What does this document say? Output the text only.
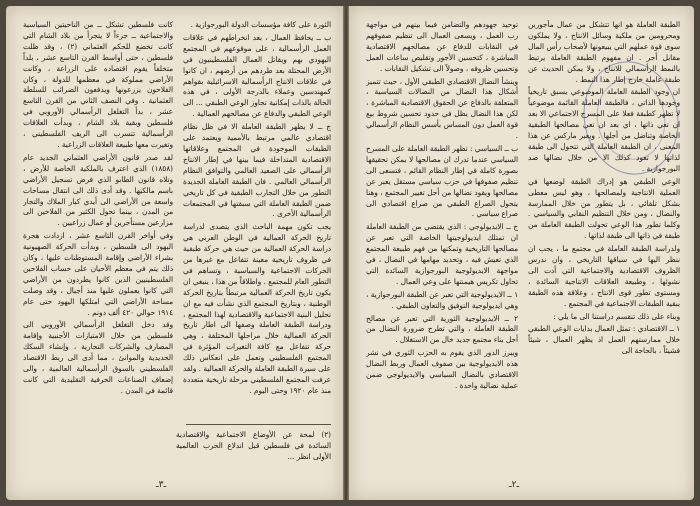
الثورة على كافة مؤسسات الدولة البورجوازية .

ب ــ يحافظ العمال ، بعد انخراطهم في علاقات العمل الرأسمالية ، على موقوعهم في المجتمع اليهودي بهم ويقاتل العمال الفلسطينيون في الأرض المحتلة بعد طردهم من أرضهم ، ان كانوا في علاقات الانتاج الرأسمالية الاسرائيلية بقواهم كمهندسين وعملاء بالدرجة الأولى ، في هذه الحالة بالذات إمكانية تجاوز الوعي الطبقي ... الى الوعي الطبقي والدفاع عن مصالحهم العمالية .

ج ــ لا يظهر الطبقة العاملة الا في ظل نظام اقتصادي عالمي مرتبط بالأممية ويعتمد على الطبقات الموجودة في المجتمع وعلاقاتها الاقتصادية المتداخلة فيما بينها في إطار الانتاج الرأسمالي على الصعيد العالمي والتوافق النظام الرأسمالي العالمي . فان الطبقة العاملة الجديدة التطور من خلال التجارب الطبقية في كل تاريخي ضمن الطبقة العاملة التي سبقتها في المجتمعات الرأسمالية الأخرى .

يجب تكون مهمة الباحث الذي يتصدى لدراسة تاريخ الحركة العمالية في الوطن العربي هي دراسة الحركة العمالية من حيث هي حركة طبقية في ظروف تاريخية معينة تتفاعل مع غيرها من الحركات الاجتماعية والسياسية ، وتساهم في التطور العام للمجتمع . واطلاقاً من هذا ، ينبغي ان يكون تاريخ الحركة العمالية مرتبطاً بتاريخ الحركة الوطنية ، وبتاريخ المجتمع الذي نشأت فيه مع ان تحليل البنية الاجتماعية والاقتصادية لهذا المجتمع ، ودراسة الطبقة العاملة وصفها الى اطار تاريخ الحركة العمالية خلال مراحلها المختلفة ، وهي حركة تتفاعل مع كافة التغيرات المؤثرة في المجتمع الفلسطيني وتعمل على انعكاس ذلك على سيرة الطبقة العاملة والحركة العمالية . ولقد عرفت المجتمع الفلسطيني مرحلة تاريخية متعددة منذ عام ١٩٢٠ وحتى اليوم .

كانت فلسطين تشكل ــ من الناحيتين السياسية والاجتماعية ــ جزءاً لا يتجزأ من بلاد الشام التي كانت تخضع للحكم العثماني (٢) ، وقد ظلت فلسطين ، حتى أواسط القرن التاسع عشر ، بلداً متخلفاً يقوم اقتصاده على الزراعة ، وكانت الأراضي مملوكة في معظمها للدولة ، وكان الفلاحون يزرعونها ويدفعون الضرائب للسلطة العثمانية . وفي النصف الثاني من القرن التاسع عشر ، بدأ التغلغل الرأسمالي الأوروبي في فلسطين وبقية بلاد الشام ، وبدأت العلاقات الرأسمالية تتسرب الى الريف الفلسطيني ، وتغيرت معها طبيعة العلاقات الزراعية .

لقد صدر قانون الأراضي العثماني الجديد عام (١٨٥٨) الذي اعترف بالملكية الخاصة للأرض ، وتلاه قانون الطابو الذي فرض تسجيل الأراضي باسم مالكيها . وقد أدى ذلك الى انتقال مساحات واسعة من الأراضي الى أيدي كبار الملاك والتجار من المدن ، بينما تحول الكثير من الفلاحين الى مزارعين مستأجرين أو عمال زراعيين .

وفي أواخر القرن التاسع عشر ، ازدادت هجرة اليهود الى فلسطين ، وبدأت الحركة الصهيونية بشراء الأراضي وإقامة المستوطنات عليها ، وكان ذلك يتم في معظم الأحيان على حساب الفلاحين الفلسطينيين الذين كانوا يطردون من الأراضي التي كانوا يعملون عليها منذ أجيال ، وقد وصلت مساحة الأراضي التي امتلكها اليهود حتى عام ١٩١٤ حوالي ٤٢٠ ألف دونم .

وقد دخل التغلغل الرأسمالي الأوروبي الى فلسطين من خلال الامتيازات الأجنبية وإقامة المصارف والشركات التجارية ، وإنشاء السكك الحديدية والموانئ ، مما أدى الى ربط الاقتصاد الفلسطيني بالسوق الرأسمالية العالمية ، والى إضعاف الصناعات الحرفية التقليدية التي كانت قائمة في المدن .

(٢) لمحة عن الأوضاع الاجتماعية والاقتصادية السائدة في فلسطين قبل اندلاع الحرب العالمية الأولى انظر ...
ـ٣ـ

الطبقة العاملة هو انها تتشكل من عمال مأجورين ومحرومين من ملكية وسائل الانتاج ، ولا يملكون سوى قوة عملهم التي يبيعونها لأصحاب رأس المال مقابل أجر . ان مفهوم الطبقة العاملة يرتبط بالنمط الرأسمالي للانتاج ، ولا يمكن الحديث عن طبقة عاملة خارج إطار هذا النمط .

ان وجود الطبقة العاملة الموضوعي يسبق تاريخياً وجودها الذاتي ، فالطبقة العاملة القائمة موضوعياً لا تظهر كطبقة فعلا على المسرح الاجتماعي الا بعد ان تعي ذاتها ، اي بعد ان تعي مصالحها الطبقية الخاصة وتناضل من أجلها . ويعبر ماركس عن هذا المعنى ، ان الطبقة العاملة التي تتحول الى طبقة لذاتها لا تعود كذلك الا من خلال نضالها ضد البورجوازية .

الوعي الطبقي هو إدراك الطبقة لوضعها في العملية الانتاجية ولمصالحها ، وهو ليس معطى بشكل تلقائي ، بل يتطور من خلال الممارسة والنضال ، ومن خلال التنظيم النقابي والسياسي . وكلما تطور هذا الوعي تحولت الطبقة العاملة من طبقة في ذاتها الى طبقة لذاتها .

ولدراسة الطبقة العاملة في مجتمع ما ، يجب ان ننظر اليها في سياقها التاريخي ، وان ندرس الظروف الاقتصادية والاجتماعية التي أدت الى نشوئها ، وطبيعة العلاقات الانتاجية السائدة ، ومستوى تطور قوى الانتاج ، وعلاقة هذه الطبقة ببقية الطبقات الاجتماعية في المجتمع .

وبناء على ذلك تنقسم دراستنا الى ما يلي :

١ ــ الاقتصادي : تمثل العمال بدايات الوعي الطبقي خلال ممارستهم العمل اذ يظهر العمال ، شيئاً فشيئاً ، بالحاجة الى

توحيد جهودهم والتضامن فيما بينهم في مواجهة رب العمل ، ويسعى العمال الى تنظيم صفوفهم في النقابات للدفاع عن مصالحهم الاقتصادية المباشرة ، كتحسين الأجور وتقليص ساعات العمل وتحسين ظروفه ، وصولاً الى تشكيل النقابات .

وينشأ النضال الاقتصادي الطبقي الأول ، حيث تتميز أشكال هذا النضال من النضالات السياسية ، المتعلقة بالدفاع عن الحقوق الاقتصادية المباشرة ، لكن هذا النضال يظل في حدود تحسين شروط بيع قوة العمل دون المساس بأسس النظام الرأسمالي .

ب ــ السياسي : تظهر الطبقة العاملة على المسرح السياسي عندما تدرك ان مصالحها لا يمكن تحقيقها بصورة كاملة في إطار النظام القائم ، فتسعى الى تنظيم صفوفها في حزب سياسي مستقل يعبر عن مصالحها ويقود نضالها من أجل تغيير المجتمع ، وهنا يتحول الصراع الطبقي من صراع اقتصادي الى صراع سياسي .

ج ــ الايديولوجي : الذي يقتضي من الطبقة العاملة ان تمتلك ايديولوجيتها الخاصة التي تعبر عن مصالحها التاريخية وتمكنها من فهم طبيعة المجتمع الذي تعيش فيه ، وتحديد مهامها في النضال ، في مواجهة الايديولوجية البورجوازية السائدة التي تحاول تكريس هيمنتها على وعي العمال .

١ ــ الايديولوجية التي تعبر عن الطبقة البورجوازية ، وهي ايديولوجية التوفيق والتعاون الطبقي .

٢ ــ الايديولوجية الثورية التي تعبر عن مصالح الطبقة العاملة ، والتي تطرح ضرورة النضال من أجل بناء مجتمع جديد خال من الاستغلال .

ويبرز الدور الذي يقوم به الحزب الثوري في نشر هذه الايديولوجية بين صفوف العمال وربط النضال الاقتصادي بالنضال السياسي والايديولوجي ضمن عملية نضالية واحدة .

ـ٢ـ
